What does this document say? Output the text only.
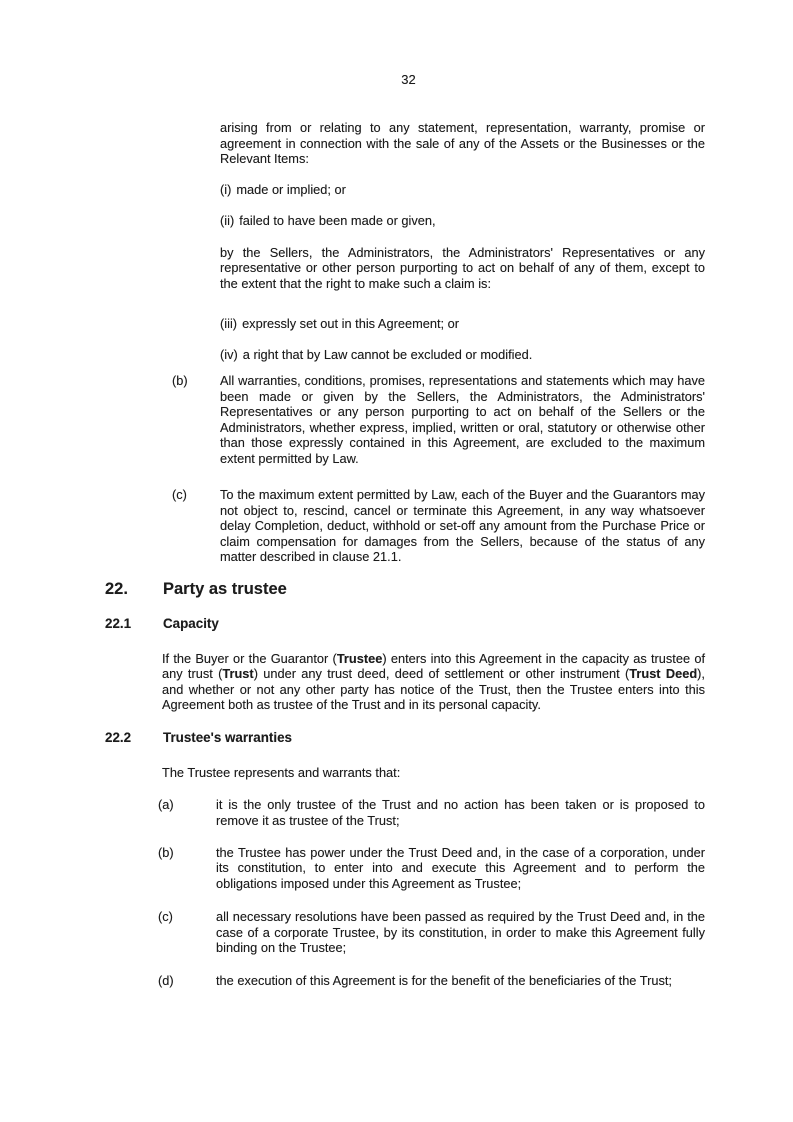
32
arising from or relating to any statement, representation, warranty, promise or agreement in connection with the sale of any of the Assets or the Businesses or the Relevant Items:
(i) made or implied; or
(ii) failed to have been made or given,
by the Sellers, the Administrators, the Administrators' Representatives or any representative or other person purporting to act on behalf of any of them, except to the extent that the right to make such a claim is:
(iii) expressly set out in this Agreement; or
(iv) a right that by Law cannot be excluded or modified.
(b)	All warranties, conditions, promises, representations and statements which may have been made or given by the Sellers, the Administrators, the Administrators' Representatives or any person purporting to act on behalf of the Sellers or the Administrators, whether express, implied, written or oral, statutory or otherwise other than those expressly contained in this Agreement, are excluded to the maximum extent permitted by Law.
(c)	To the maximum extent permitted by Law, each of the Buyer and the Guarantors may not object to, rescind, cancel or terminate this Agreement, in any way whatsoever delay Completion, deduct, withhold or set-off any amount from the Purchase Price or claim compensation for damages from the Sellers, because of the status of any matter described in clause 21.1.
22.	Party as trustee
22.1	Capacity
If the Buyer or the Guarantor (Trustee) enters into this Agreement in the capacity as trustee of any trust (Trust) under any trust deed, deed of settlement or other instrument (Trust Deed), and whether or not any other party has notice of the Trust, then the Trustee enters into this Agreement both as trustee of the Trust and in its personal capacity.
22.2	Trustee's warranties
The Trustee represents and warrants that:
(a)	it is the only trustee of the Trust and no action has been taken or is proposed to remove it as trustee of the Trust;
(b)	the Trustee has power under the Trust Deed and, in the case of a corporation, under its constitution, to enter into and execute this Agreement and to perform the obligations imposed under this Agreement as Trustee;
(c)	all necessary resolutions have been passed as required by the Trust Deed and, in the case of a corporate Trustee, by its constitution, in order to make this Agreement fully binding on the Trustee;
(d)	the execution of this Agreement is for the benefit of the beneficiaries of the Trust;
